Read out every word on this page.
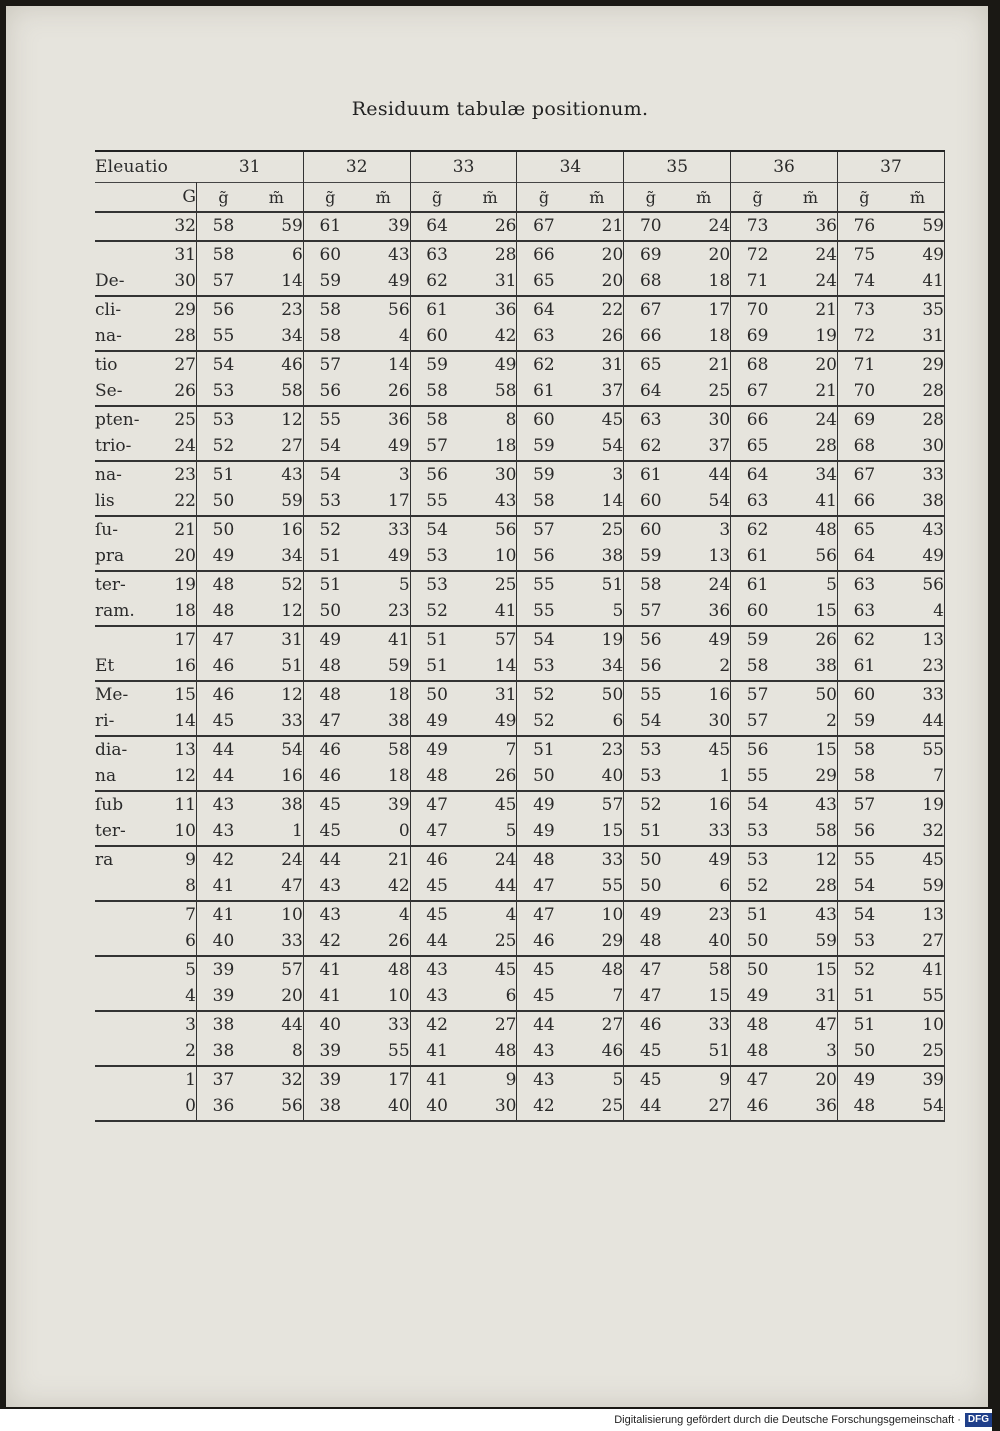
Residuum tabulæ positionum.
Eleuatio		31		32		33		34		35		36		37	
	G	g̃	m̃	g̃	m̃	g̃	m̃	g̃	m̃	g̃	m̃	g̃	m̃	g̃	m̃
	32	58	59	61	39	64	26	67	21	70	24	73	36	76	59
	31	58	6	60	43	63	28	66	20	69	20	72	24	75	49
De-	30	57	14	59	49	62	31	65	20	68	18	71	24	74	41
cli-	29	56	23	58	56	61	36	64	22	67	17	70	21	73	35
na-	28	55	34	58	4	60	42	63	26	66	18	69	19	72	31
tio	27	54	46	57	14	59	49	62	31	65	21	68	20	71	29
Se-	26	53	58	56	26	58	58	61	37	64	25	67	21	70	28
pten-	25	53	12	55	36	58	8	60	45	63	30	66	24	69	28
trio-	24	52	27	54	49	57	18	59	54	62	37	65	28	68	30
na-	23	51	43	54	3	56	30	59	3	61	44	64	34	67	33
lis	22	50	59	53	17	55	43	58	14	60	54	63	41	66	38
ſu-	21	50	16	52	33	54	56	57	25	60	3	62	48	65	43
pra	20	49	34	51	49	53	10	56	38	59	13	61	56	64	49
ter-	19	48	52	51	5	53	25	55	51	58	24	61	5	63	56
ram.	18	48	12	50	23	52	41	55	5	57	36	60	15	63	4
	17	47	31	49	41	51	57	54	19	56	49	59	26	62	13
Et	16	46	51	48	59	51	14	53	34	56	2	58	38	61	23
Me-	15	46	12	48	18	50	31	52	50	55	16	57	50	60	33
ri-	14	45	33	47	38	49	49	52	6	54	30	57	2	59	44
dia-	13	44	54	46	58	49	7	51	23	53	45	56	15	58	55
na	12	44	16	46	18	48	26	50	40	53	1	55	29	58	7
ſub	11	43	38	45	39	47	45	49	57	52	16	54	43	57	19
ter-	10	43	1	45	0	47	5	49	15	51	33	53	58	56	32
ra	9	42	24	44	21	46	24	48	33	50	49	53	12	55	45
	8	41	47	43	42	45	44	47	55	50	6	52	28	54	59
	7	41	10	43	4	45	4	47	10	49	23	51	43	54	13
	6	40	33	42	26	44	25	46	29	48	40	50	59	53	27
	5	39	57	41	48	43	45	45	48	47	58	50	15	52	41
	4	39	20	41	10	43	6	45	7	47	15	49	31	51	55
	3	38	44	40	33	42	27	44	27	46	33	48	47	51	10
	2	38	8	39	55	41	48	43	46	45	51	48	3	50	25
	1	37	32	39	17	41	9	43	5	45	9	47	20	49	39
	0	36	56	38	40	40	30	42	25	44	27	46	36	48	54
Digitalisierung gefördert durch die Deutsche Forschungsgemeinschaft · DFG
